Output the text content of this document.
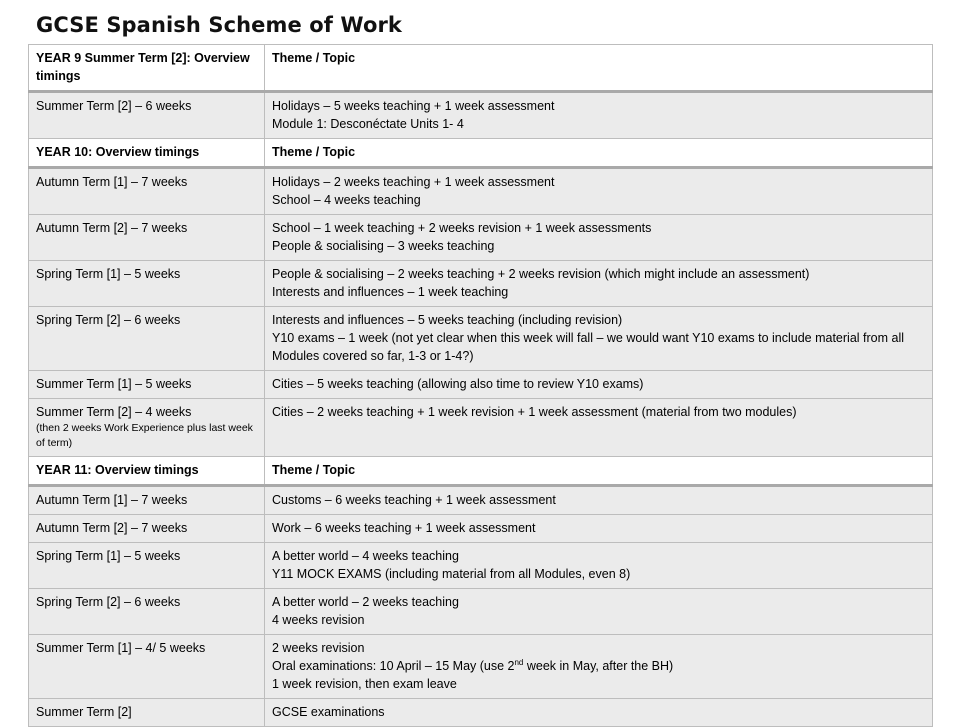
GCSE Spanish Scheme of Work
YEAR 9 Summer Term [2]: Overview timings	Theme / Topic
Summer Term [2] – 6 weeks	Holidays – 5 weeks teaching + 1 week assessment
Module 1: Desconéctate Units 1- 4

YEAR 10: Overview timings	Theme / Topic
Autumn Term [1] – 7 weeks	Holidays – 2 weeks teaching + 1 week assessment
School – 4 weeks teaching

Autumn Term [2] – 7 weeks	School – 1 week teaching + 2 weeks revision + 1 week assessments
People & socialising – 3 weeks teaching

Spring Term [1] – 5 weeks	People & socialising – 2 weeks teaching + 2 weeks revision (which might include an assessment)
Interests and influences – 1 week teaching

Spring Term [2] – 6 weeks	Interests and influences – 5 weeks teaching (including revision)
Y10 exams – 1 week (not yet clear when this week will fall – we would want Y10 exams to include material from all Modules covered so far, 1-3 or 1-4?)

Summer Term [1] – 5 weeks	Cities – 5 weeks teaching (allowing also time to review Y10 exams)

Summer Term [2] – 4 weeks
(then 2 weeks Work Experience plus last week of term)	Cities – 2 weeks teaching + 1 week revision + 1 week assessment (material from two modules)

YEAR 11: Overview timings	Theme / Topic
Autumn Term [1] – 7 weeks	Customs – 6 weeks teaching + 1 week assessment

Autumn Term [2] – 7 weeks	Work – 6 weeks teaching + 1 week assessment

Spring Term [1] – 5 weeks	A better world – 4 weeks teaching
Y11 MOCK EXAMS (including material from all Modules, even 8)

Spring Term [2] – 6 weeks	A better world – 2 weeks teaching
4 weeks revision

Summer Term [1] – 4/ 5 weeks	2 weeks revision
Oral examinations: 10 April – 15 May (use 2nd week in May, after the BH)
1 week revision, then exam leave

Summer Term [2]	GCSE examinations
